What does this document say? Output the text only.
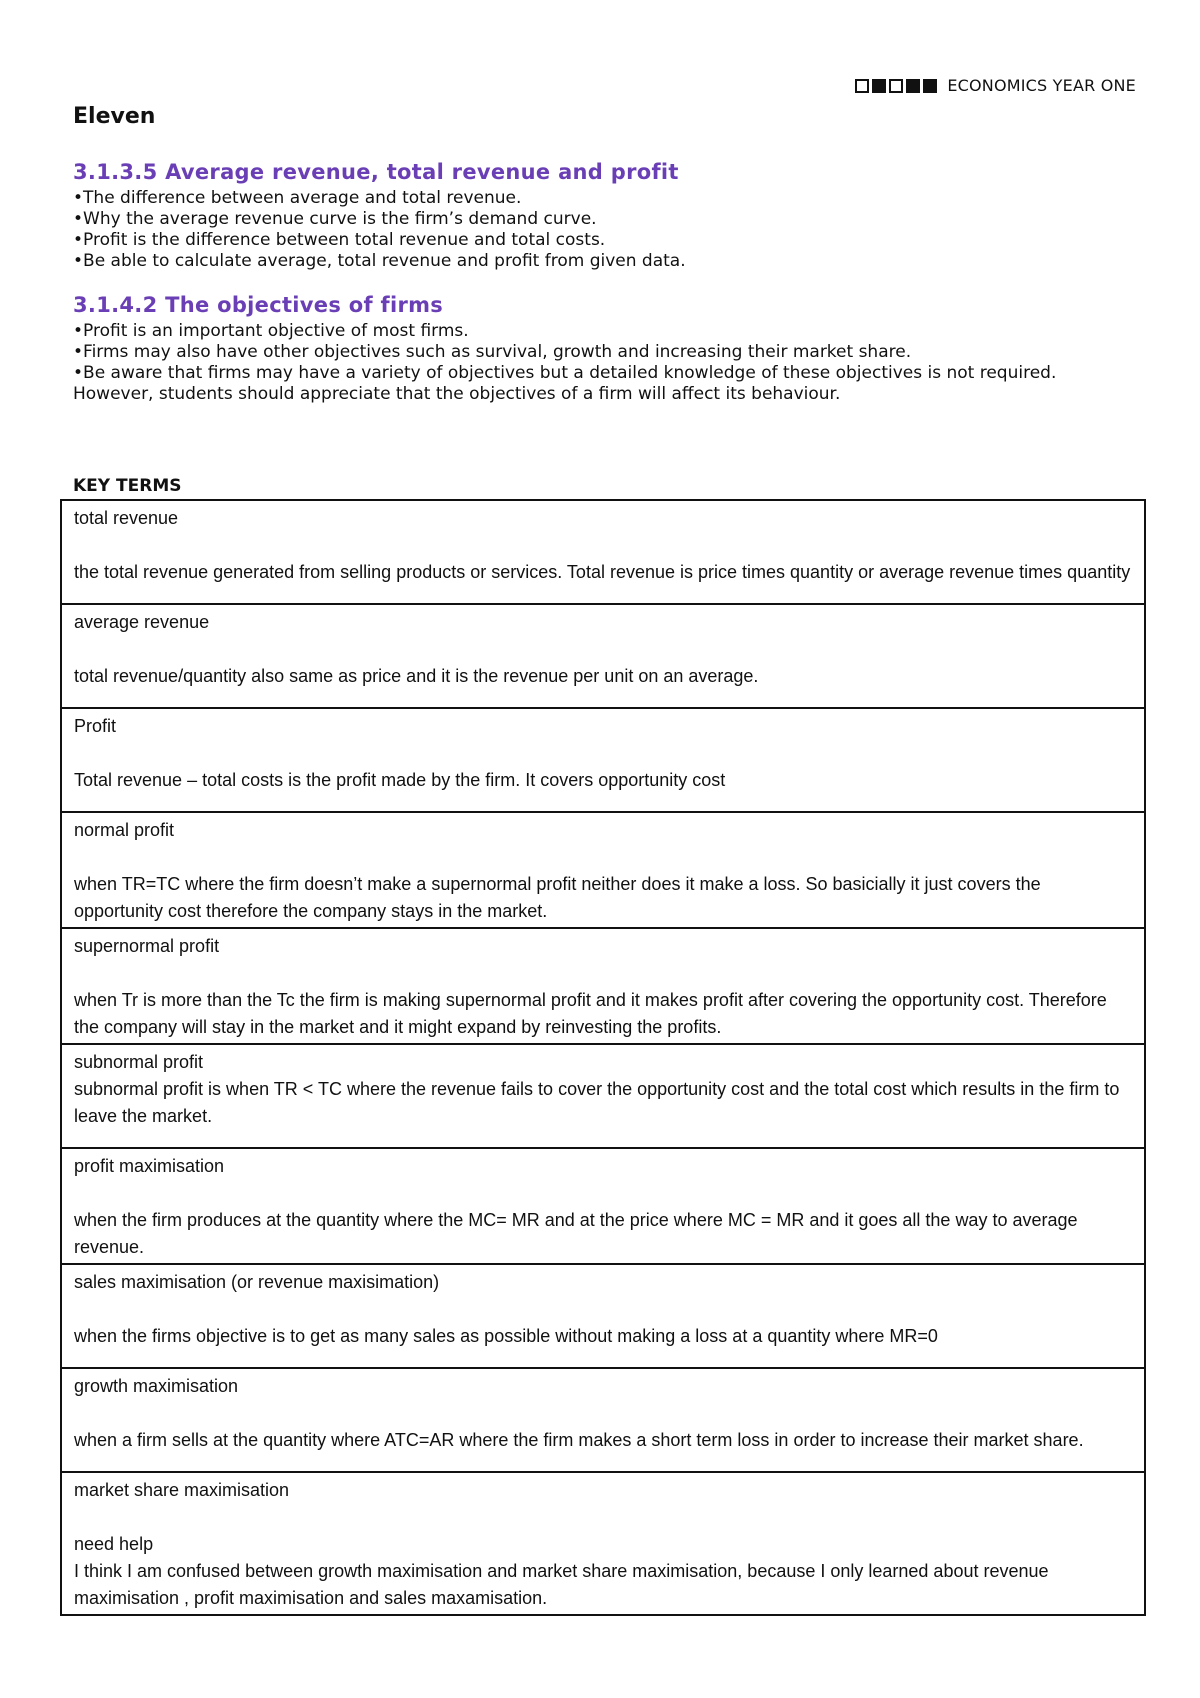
ECONOMICS YEAR ONE
Eleven
3.1.3.5 Average revenue, total revenue and profit
• The difference between average and total revenue.
• Why the average revenue curve is the firm’s demand curve.
• Profit is the difference between total revenue and total costs.
• Be able to calculate average, total revenue and profit from given data.
3.1.4.2 The objectives of firms
• Profit is an important objective of most firms.
• Firms may also have other objectives such as survival, growth and increasing their market share.
• Be aware that firms may have a variety of objectives but a detailed knowledge of these objectives is not required. However, students should appreciate that the objectives of a firm will affect its behaviour.

KEY TERMS

total revenue
the total revenue generated from selling products or services. Total revenue is price times quantity or average revenue times quantity

average revenue
total revenue/quantity also same as price and it is the revenue per unit on an average.

Profit
Total revenue – total costs is the profit made by the firm. It covers opportunity cost

normal profit
when TR=TC where the firm doesn’t make a supernormal profit neither does it make a loss. So basicially it just covers the opportunity cost therefore the company stays in the market.

supernormal profit
when Tr is more than the Tc the firm is making supernormal profit and it makes profit after covering the opportunity cost. Therefore the company will stay in the market and it might expand by reinvesting the profits.

subnormal profit
subnormal profit is when TR < TC where the revenue fails to cover the opportunity cost and the total cost which results in the firm to leave the market.

profit maximisation
when the firm produces at the quantity where the MC= MR and at the price where MC = MR and it goes all the way to average revenue.

sales maximisation (or revenue maxisimation)
when the firms objective is to get as many sales as possible without making a loss at a quantity where MR=0

growth maximisation
when a firm sells at the quantity where ATC=AR where the firm makes a short term loss in order to increase their market share.

market share maximisation
need help
I think I am confused between growth maximisation and market share maximisation, because I only learned about revenue maximisation , profit maximisation and sales maxamisation.
